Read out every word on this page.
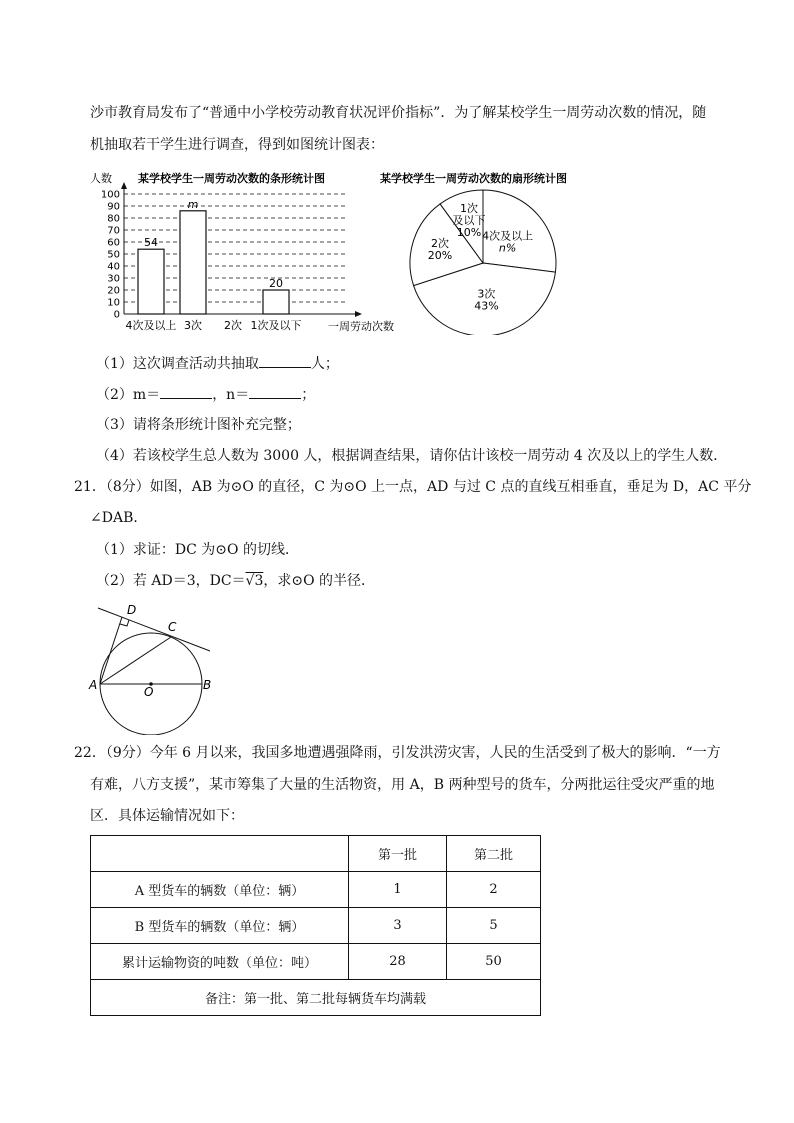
沙市教育局发布了“普通中小学校劳动教育状况评价指标”．为了解某校学生一周劳动次数的情况，随
机抽取若干学生进行调查，得到如图统计图表：
某学校学生一周劳动次数的条形统计图
人数
0
10
20
30
40
50
60
70
80
90
100
54
m
20
4次及以上 3次 2次 1次及以下 一周劳动次数
某学校学生一周劳动次数的扇形统计图
4次及以上
n%
3次
43%
2次
20%
1次
及以下
10%
（1）这次调查活动共抽取	人；
（2）m＝	，n＝	；
（3）请将条形统计图补充完整；
（4）若该校学生总人数为 3000 人，根据调查结果，请你估计该校一周劳动 4 次及以上的学生人数．
21．（8分）如图，AB 为⊙O 的直径，C 为⊙O 上一点，AD 与过 C 点的直线互相垂直，垂足为 D，AC 平分
∠DAB．
（1）求证：DC 为⊙O 的切线．
（2）若 AD＝3，DC＝√3，求⊙O 的半径．
D
C
A	B
O
22．（9分）今年 6 月以来，我国多地遭遇强降雨，引发洪涝灾害，人民的生活受到了极大的影响．“一方
有难，八方支援”，某市筹集了大量的生活物资，用 A，B 两种型号的货车，分两批运往受灾严重的地
区．具体运输情况如下：
	第一批	第二批
A 型货车的辆数（单位：辆）	1	2
B 型货车的辆数（单位：辆）	3	5
累计运输物资的吨数（单位：吨）	28	50
备注：第一批、第二批每辆货车均满载		
